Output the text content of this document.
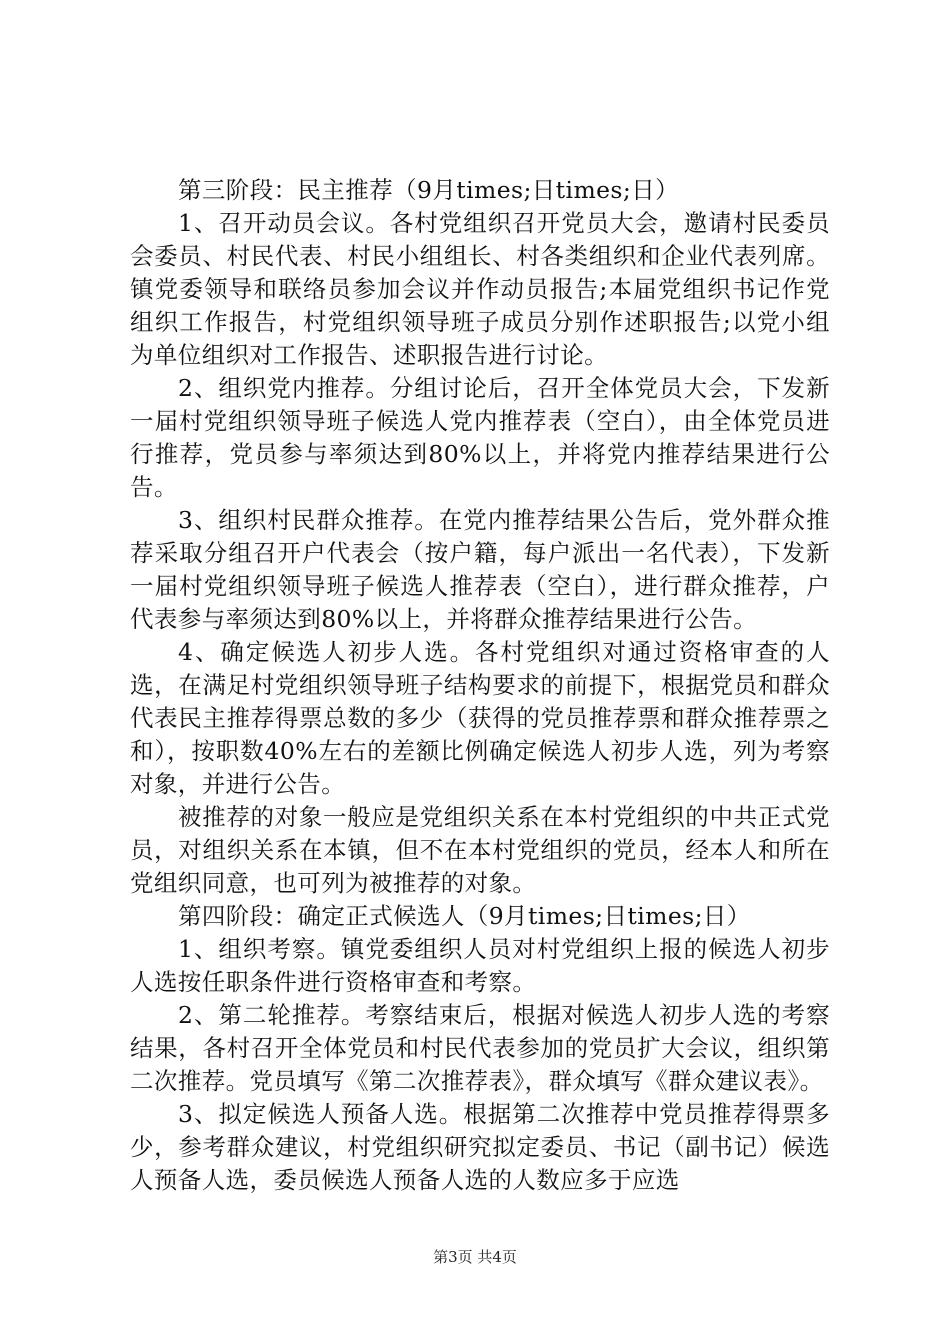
第三阶段：民主推荐（9月times;日times;日）

1、召开动员会议。各村党组织召开党员大会，邀请村民委员会委员、村民代表、村民小组组长、村各类组织和企业代表列席。镇党委领导和联络员参加会议并作动员报告;本届党组织书记作党组织工作报告，村党组织领导班子成员分别作述职报告;以党小组为单位组织对工作报告、述职报告进行讨论。

2、组织党内推荐。分组讨论后，召开全体党员大会，下发新一届村党组织领导班子候选人党内推荐表（空白），由全体党员进行推荐，党员参与率须达到80%以上，并将党内推荐结果进行公告。

3、组织村民群众推荐。在党内推荐结果公告后，党外群众推荐采取分组召开户代表会（按户籍，每户派出一名代表），下发新一届村党组织领导班子候选人推荐表（空白），进行群众推荐，户代表参与率须达到80%以上，并将群众推荐结果进行公告。

4、确定候选人初步人选。各村党组织对通过资格审查的人选，在满足村党组织领导班子结构要求的前提下，根据党员和群众代表民主推荐得票总数的多少（获得的党员推荐票和群众推荐票之和），按职数40%左右的差额比例确定候选人初步人选，列为考察对象，并进行公告。

被推荐的对象一般应是党组织关系在本村党组织的中共正式党员，对组织关系在本镇，但不在本村党组织的党员，经本人和所在党组织同意，也可列为被推荐的对象。

第四阶段：确定正式候选人（9月times;日times;日）

1、组织考察。镇党委组织人员对村党组织上报的候选人初步人选按任职条件进行资格审查和考察。

2、第二轮推荐。考察结束后，根据对候选人初步人选的考察结果，各村召开全体党员和村民代表参加的党员扩大会议，组织第二次推荐。党员填写《第二次推荐表》，群众填写《群众建议表》。

3、拟定候选人预备人选。根据第二次推荐中党员推荐得票多少，参考群众建议，村党组织研究拟定委员、书记（副书记）候选人预备人选，委员候选人预备人选的人数应多于应选

第3页 共4页
